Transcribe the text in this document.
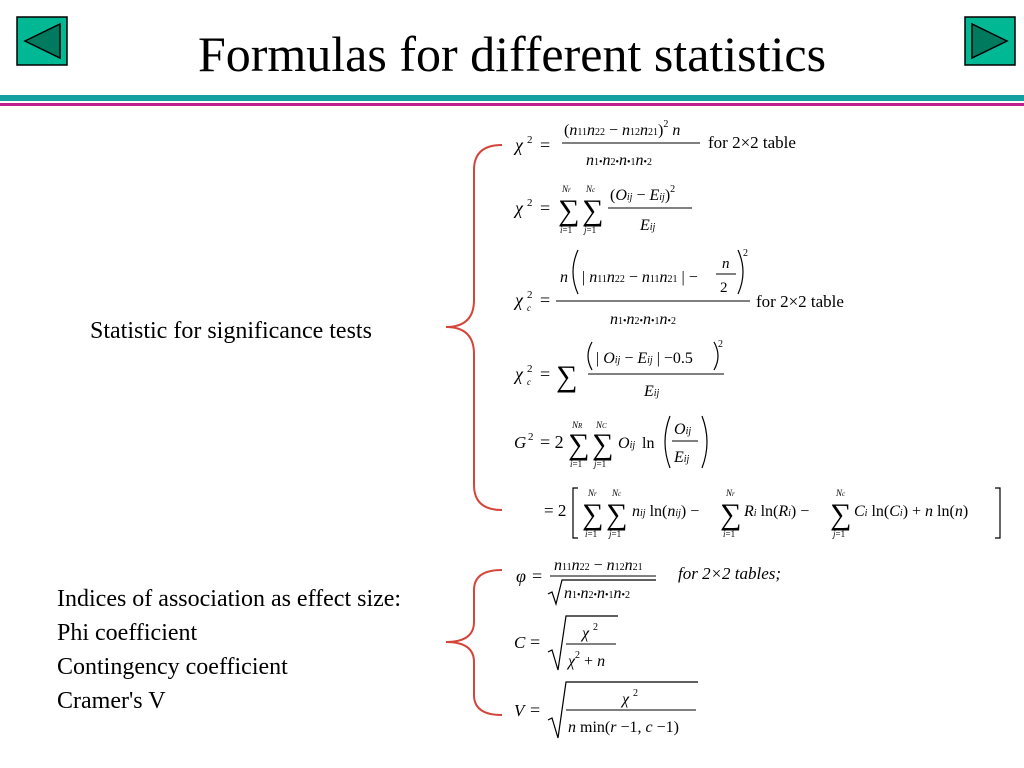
Formulas for different statistics
Statistic for significance tests
Indices of association as effect size:
Phi coefficient
Contingency coefficient
Cramer's V
χ 2 =
$(n11n22 - n12n21)^2$ n
n1•n2•n•1n•2
for 2×2 table
χ 2 = ∑
Nr
i=1
∑
Nc
j=1
(Oij − Eij)$^2$
Eij
χ 2
c =
n | n11n22 − n11n21 | −
n
2
2
n1•n2•n•1n•2
for 2×2 table
χ 2
c = ∑
| Oij − Eij | −0.5
2
Eij
G 2 = 2 ∑
NR
i=1
∑
NC
j=1
Oij ln
Oij
Eij
= 2 ∑
Nr
i=1
∑
Nc
j=1
nij ln(nij) − ∑
Nr
i=1
Ri ln(Ri) − ∑
Nc
j=1
Ci ln(Ci) + n ln(n)
φ =
n11n22 − n12n21
n1•n2•n•1n•2
for 2×2 tables;
C =	χ 2
$\chi^2 + n$
V =
χ 2
n min(r −1, c −1)
